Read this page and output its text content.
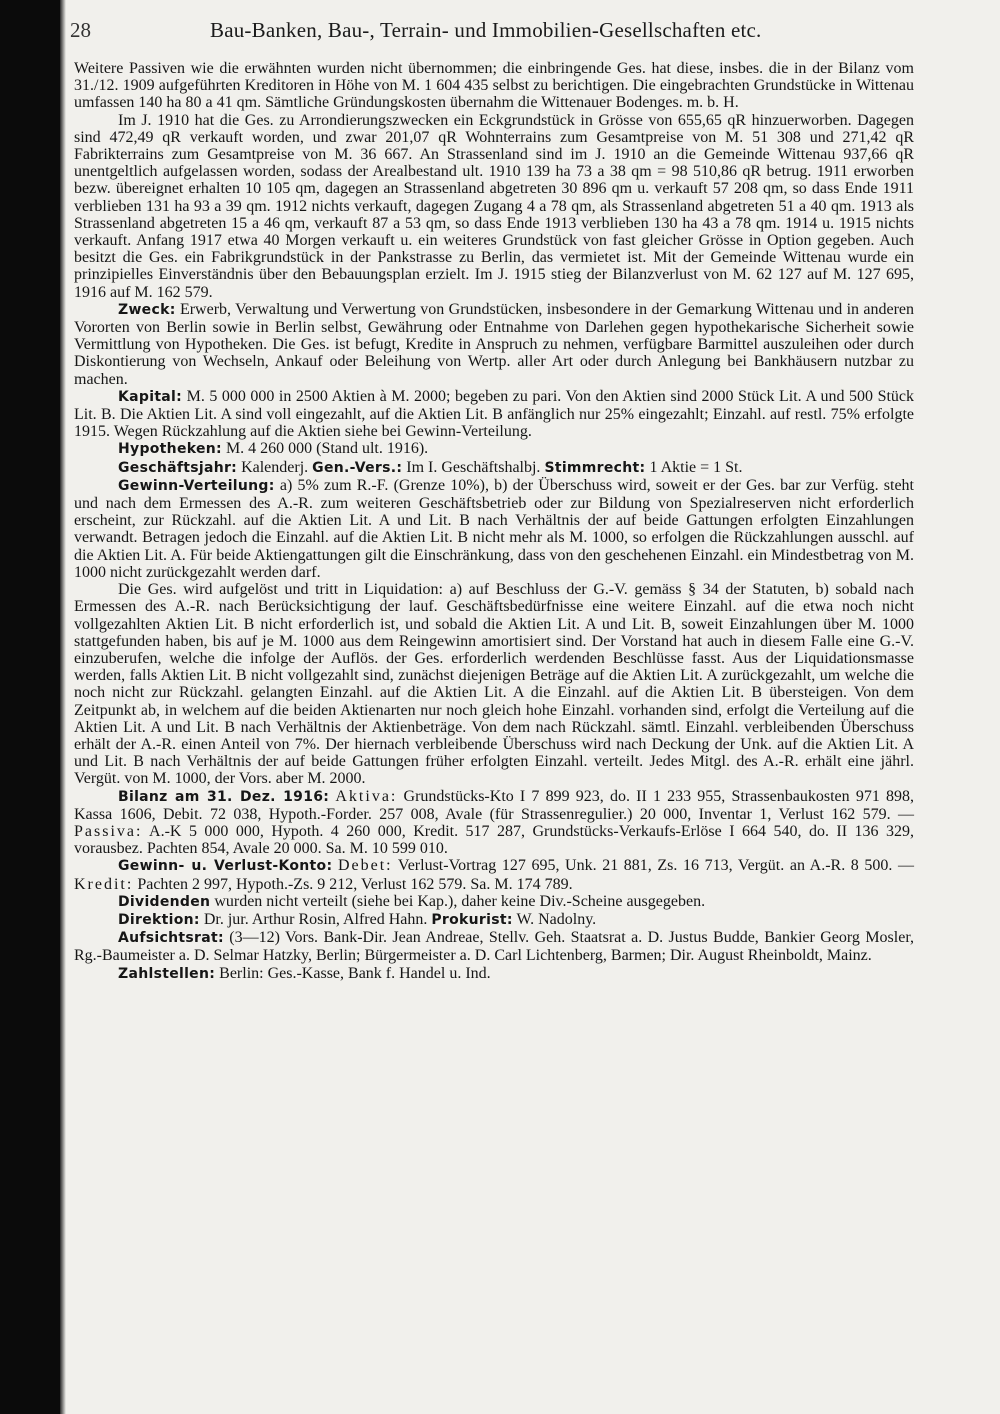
28	Bau-Banken, Bau-, Terrain- und Immobilien-Gesellschaften etc.

Weitere Passiven wie die erwähnten wurden nicht übernommen; die einbringende Ges. hat diese, insbes. die in der Bilanz vom 31./12. 1909 aufgeführten Kreditoren in Höhe von M. 1 604 435 selbst zu berichtigen. Die eingebrachten Grundstücke in Wittenau umfassen 140 ha 80 a 41 qm. Sämtliche Gründungskosten übernahm die Wittenauer Bodenges. m. b. H.

Im J. 1910 hat die Ges. zu Arrondierungszwecken ein Eckgrundstück in Grösse von 655,65 qR hinzuerworben. Dagegen sind 472,49 qR verkauft worden, und zwar 201,07 qR Wohnterrains zum Gesamtpreise von M. 51 308 und 271,42 qR Fabrikterrains zum Gesamtpreise von M. 36 667. An Strassenland sind im J. 1910 an die Gemeinde Wittenau 937,66 qR unentgeltlich aufgelassen worden, sodass der Arealbestand ult. 1910 139 ha 73 a 38 qm = 98 510,86 qR betrug. 1911 erworben bezw. übereignet erhalten 10 105 qm, dagegen an Strassenland abgetreten 30 896 qm u. verkauft 57 208 qm, so dass Ende 1911 verblieben 131 ha 93 a 39 qm. 1912 nichts verkauft, dagegen Zugang 4 a 78 qm, als Strassenland abgetreten 51 a 40 qm. 1913 als Strassenland abgetreten 15 a 46 qm, verkauft 87 a 53 qm, so dass Ende 1913 verblieben 130 ha 43 a 78 qm. 1914 u. 1915 nichts verkauft. Anfang 1917 etwa 40 Morgen verkauft u. ein weiteres Grundstück von fast gleicher Grösse in Option gegeben. Auch besitzt die Ges. ein Fabrikgrundstück in der Pankstrasse zu Berlin, das vermietet ist. Mit der Gemeinde Wittenau wurde ein prinzipielles Einverständnis über den Bebauungsplan erzielt. Im J. 1915 stieg der Bilanzverlust von M. 62 127 auf M. 127 695, 1916 auf M. 162 579.

Zweck: Erwerb, Verwaltung und Verwertung von Grundstücken, insbesondere in der Gemarkung Wittenau und in anderen Vororten von Berlin sowie in Berlin selbst, Gewährung oder Entnahme von Darlehen gegen hypothekarische Sicherheit sowie Vermittlung von Hypotheken. Die Ges. ist befugt, Kredite in Anspruch zu nehmen, verfügbare Barmittel auszuleihen oder durch Diskontierung von Wechseln, Ankauf oder Beleihung von Wertp. aller Art oder durch Anlegung bei Bankhäusern nutzbar zu machen.

Kapital: M. 5 000 000 in 2500 Aktien à M. 2000; begeben zu pari. Von den Aktien sind 2000 Stück Lit. A und 500 Stück Lit. B. Die Aktien Lit. A sind voll eingezahlt, auf die Aktien Lit. B anfänglich nur 25% eingezahlt; Einzahl. auf restl. 75% erfolgte 1915. Wegen Rückzahlung auf die Aktien siehe bei Gewinn-Verteilung.

Hypotheken: M. 4 260 000 (Stand ult. 1916).

Geschäftsjahr: Kalenderj. Gen.-Vers.: Im I. Geschäftshalbj. Stimmrecht: 1 Aktie = 1 St.

Gewinn-Verteilung: a) 5% zum R.-F. (Grenze 10%), b) der Überschuss wird, soweit er der Ges. bar zur Verfüg. steht und nach dem Ermessen des A.-R. zum weiteren Geschäftsbetrieb oder zur Bildung von Spezialreserven nicht erforderlich erscheint, zur Rückzahl. auf die Aktien Lit. A und Lit. B nach Verhältnis der auf beide Gattungen erfolgten Einzahlungen verwandt. Betragen jedoch die Einzahl. auf die Aktien Lit. B nicht mehr als M. 1000, so erfolgen die Rückzahlungen ausschl. auf die Aktien Lit. A. Für beide Aktiengattungen gilt die Einschränkung, dass von den geschehenen Einzahl. ein Mindestbetrag von M. 1000 nicht zurückgezahlt werden darf.

Die Ges. wird aufgelöst und tritt in Liquidation: a) auf Beschluss der G.-V. gemäss § 34 der Statuten, b) sobald nach Ermessen des A.-R. nach Berücksichtigung der lauf. Geschäftsbedürfnisse eine weitere Einzahl. auf die etwa noch nicht vollgezahlten Aktien Lit. B nicht erforderlich ist, und sobald die Aktien Lit. A und Lit. B, soweit Einzahlungen über M. 1000 stattgefunden haben, bis auf je M. 1000 aus dem Reingewinn amortisiert sind. Der Vorstand hat auch in diesem Falle eine G.-V. einzuberufen, welche die infolge der Auflös. der Ges. erforderlich werdenden Beschlüsse fasst. Aus der Liquidationsmasse werden, falls Aktien Lit. B nicht vollgezahlt sind, zunächst diejenigen Beträge auf die Aktien Lit. A zurückgezahlt, um welche die noch nicht zur Rückzahl. gelangten Einzahl. auf die Aktien Lit. A die Einzahl. auf die Aktien Lit. B übersteigen. Von dem Zeitpunkt ab, in welchem auf die beiden Aktienarten nur noch gleich hohe Einzahl. vorhanden sind, erfolgt die Verteilung auf die Aktien Lit. A und Lit. B nach Verhältnis der Aktienbeträge. Von dem nach Rückzahl. sämtl. Einzahl. verbleibenden Überschuss erhält der A.-R. einen Anteil von 7%. Der hiernach verbleibende Überschuss wird nach Deckung der Unk. auf die Aktien Lit. A und Lit. B nach Verhältnis der auf beide Gattungen früher erfolgten Einzahl. verteilt. Jedes Mitgl. des A.-R. erhält eine jährl. Vergüt. von M. 1000, der Vors. aber M. 2000.

Bilanz am 31. Dez. 1916: Aktiva: Grundstücks-Kto I 7 899 923, do. II 1 233 955, Strassenbaukosten 971 898, Kassa 1606, Debit. 72 038, Hypoth.-Forder. 257 008, Avale (für Strassenregulier.) 20 000, Inventar 1, Verlust 162 579. — Passiva: A.-K 5 000 000, Hypoth. 4 260 000, Kredit. 517 287, Grundstücks-Verkaufs-Erlöse I 664 540, do. II 136 329, vorausbez. Pachten 854, Avale 20 000. Sa. M. 10 599 010.

Gewinn- u. Verlust-Konto: Debet: Verlust-Vortrag 127 695, Unk. 21 881, Zs. 16 713, Vergüt. an A.-R. 8 500. — Kredit: Pachten 2 997, Hypoth.-Zs. 9 212, Verlust 162 579. Sa. M. 174 789.

Dividenden wurden nicht verteilt (siehe bei Kap.), daher keine Div.-Scheine ausgegeben.

Direktion: Dr. jur. Arthur Rosin, Alfred Hahn. Prokurist: W. Nadolny.

Aufsichtsrat: (3—12) Vors. Bank-Dir. Jean Andreae, Stellv. Geh. Staatsrat a. D. Justus Budde, Bankier Georg Mosler, Rg.-Baumeister a. D. Selmar Hatzky, Berlin; Bürgermeister a. D. Carl Lichtenberg, Barmen; Dir. August Rheinboldt, Mainz.

Zahlstellen: Berlin: Ges.-Kasse, Bank f. Handel u. Ind.
